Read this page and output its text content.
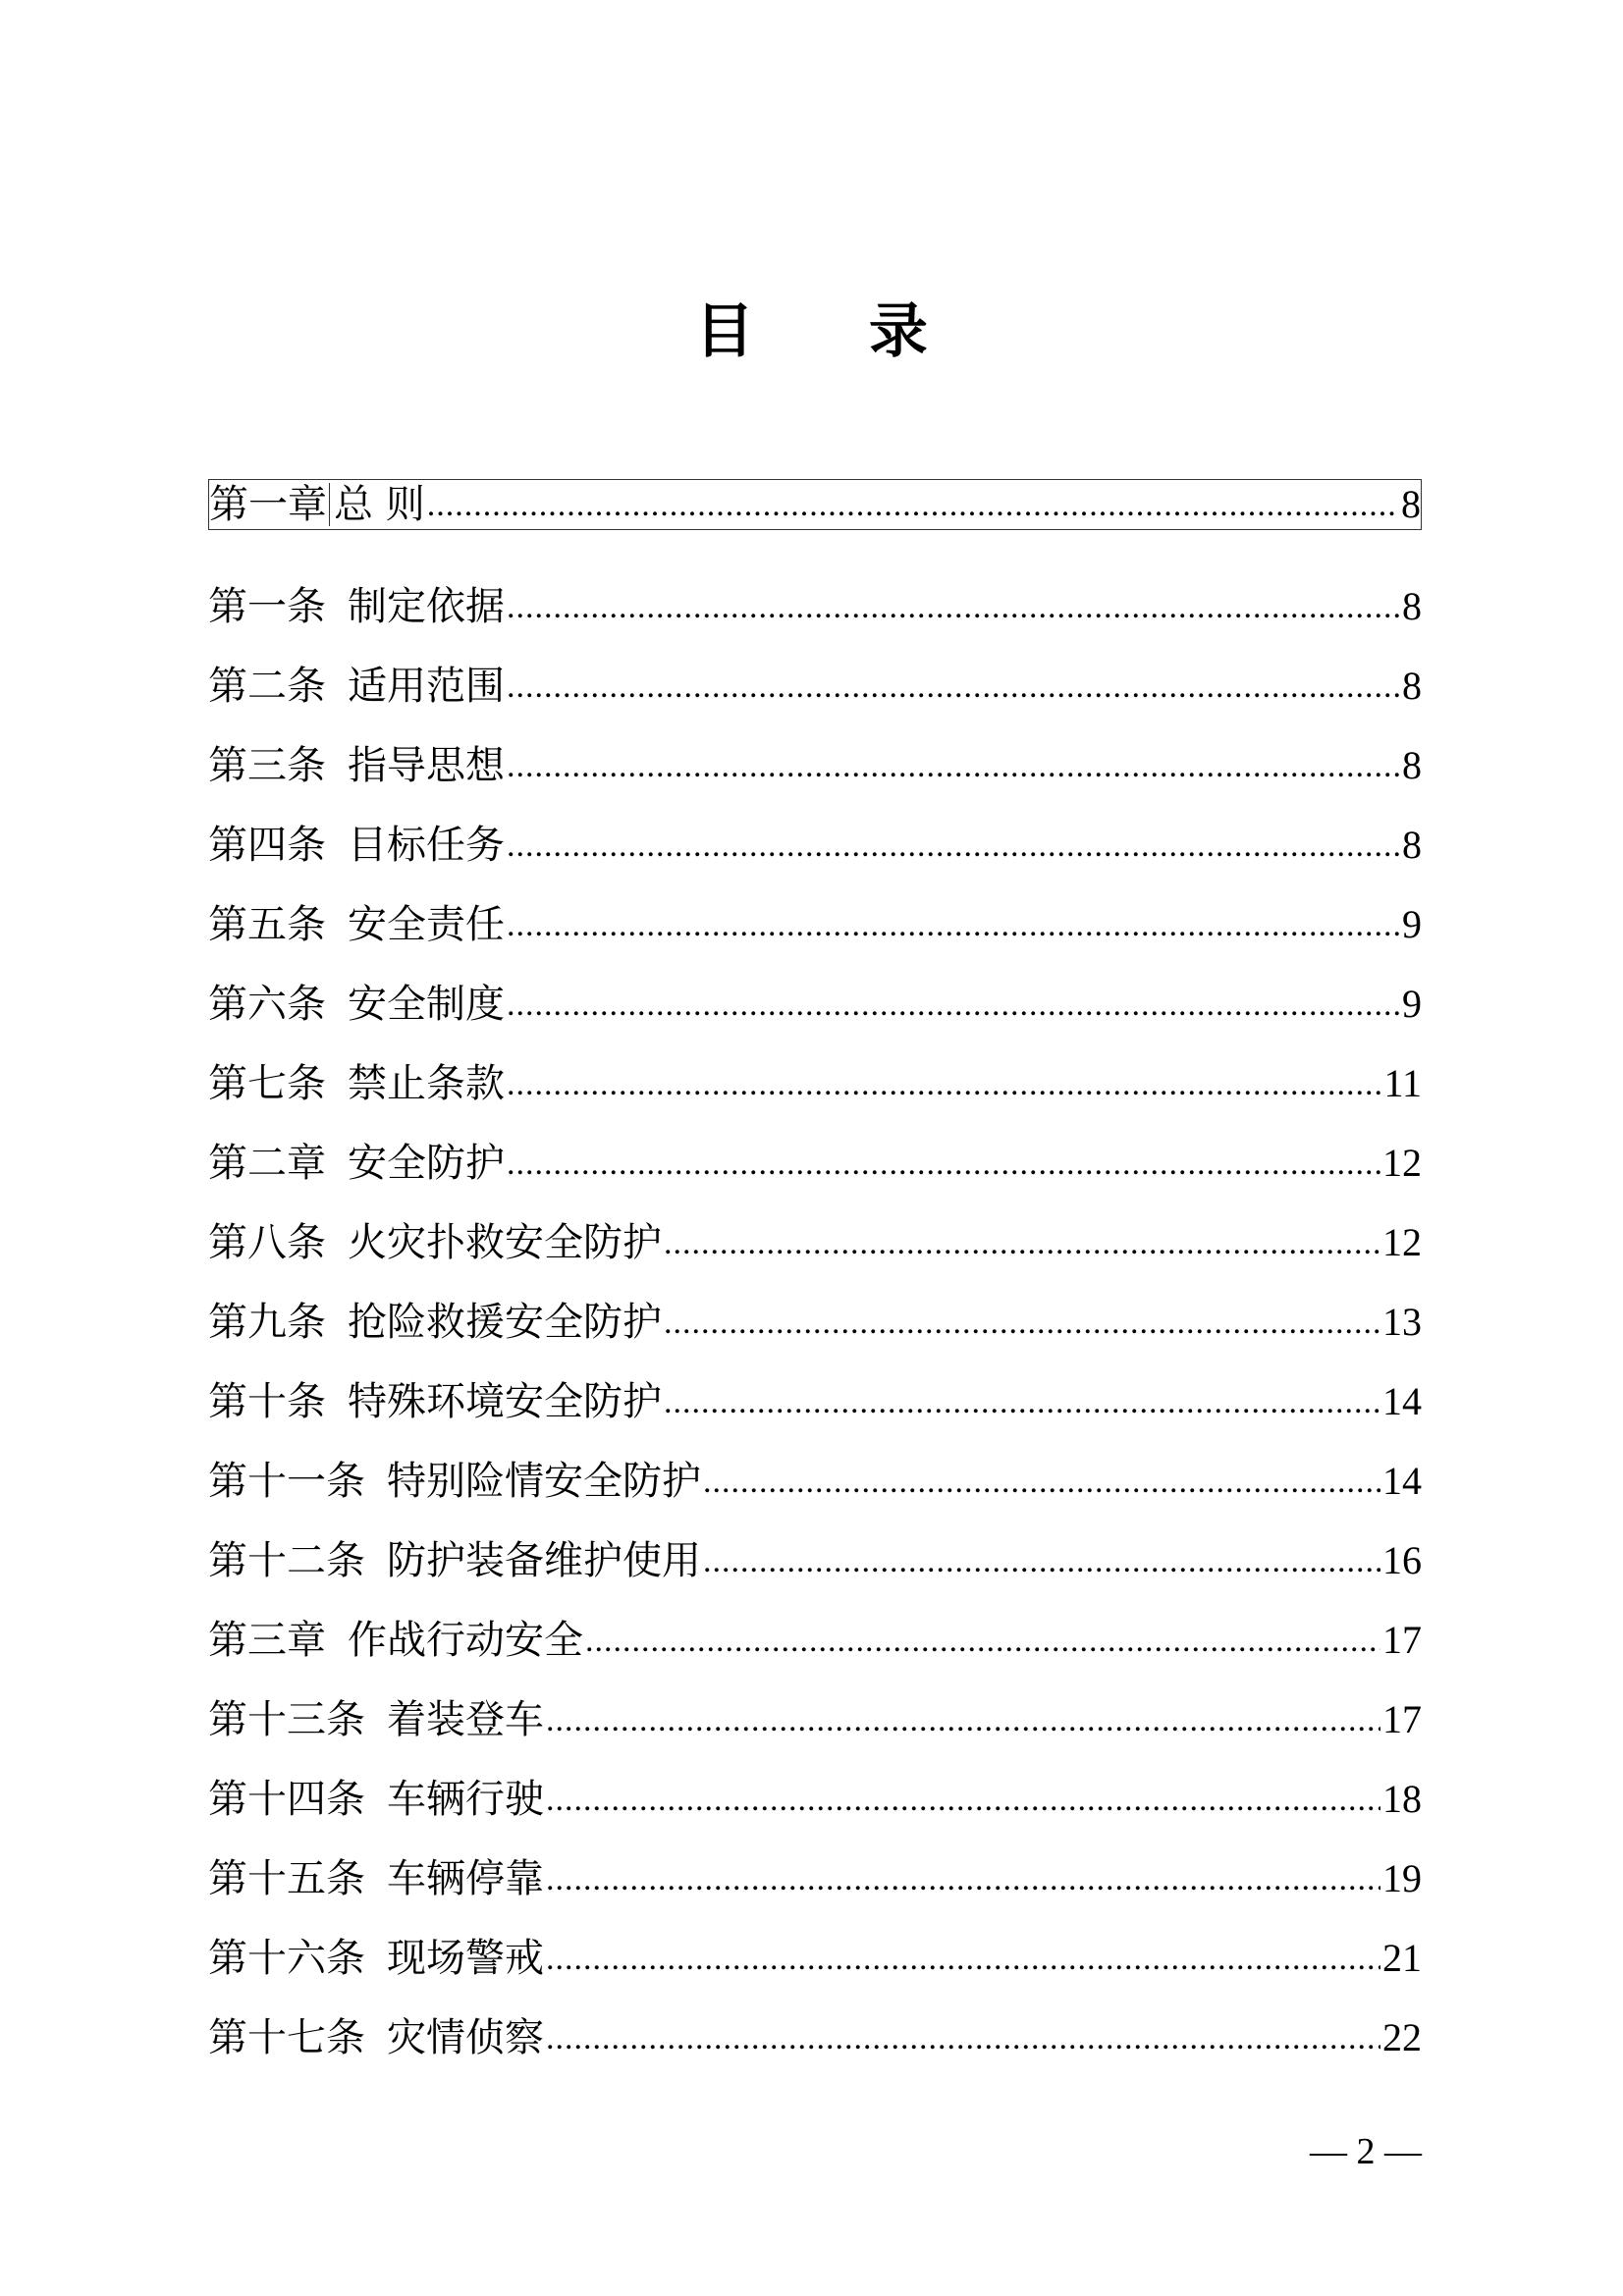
目 录
第一章 总 则 .....	8
第一条 制定依据 .....	8
第二条 适用范围 .....	8
第三条 指导思想 .....	8
第四条 目标任务 .....	8
第五条 安全责任 .....	9
第六条 安全制度 .....	9
第七条 禁止条款 .....	11
第二章 安全防护 .....	12
第八条 火灾扑救安全防护 .....	12
第九条 抢险救援安全防护 .....	13
第十条 特殊环境安全防护 .....	14
第十一条 特别险情安全防护 .....	14
第十二条 防护装备维护使用 .....	16
第三章 作战行动安全 .....	17
第十三条 着装登车 .....	17
第十四条 车辆行驶 .....	18
第十五条 车辆停靠 .....	19
第十六条 现场警戒 .....	21
第十七条 灾情侦察 .....	22
— 2 —
